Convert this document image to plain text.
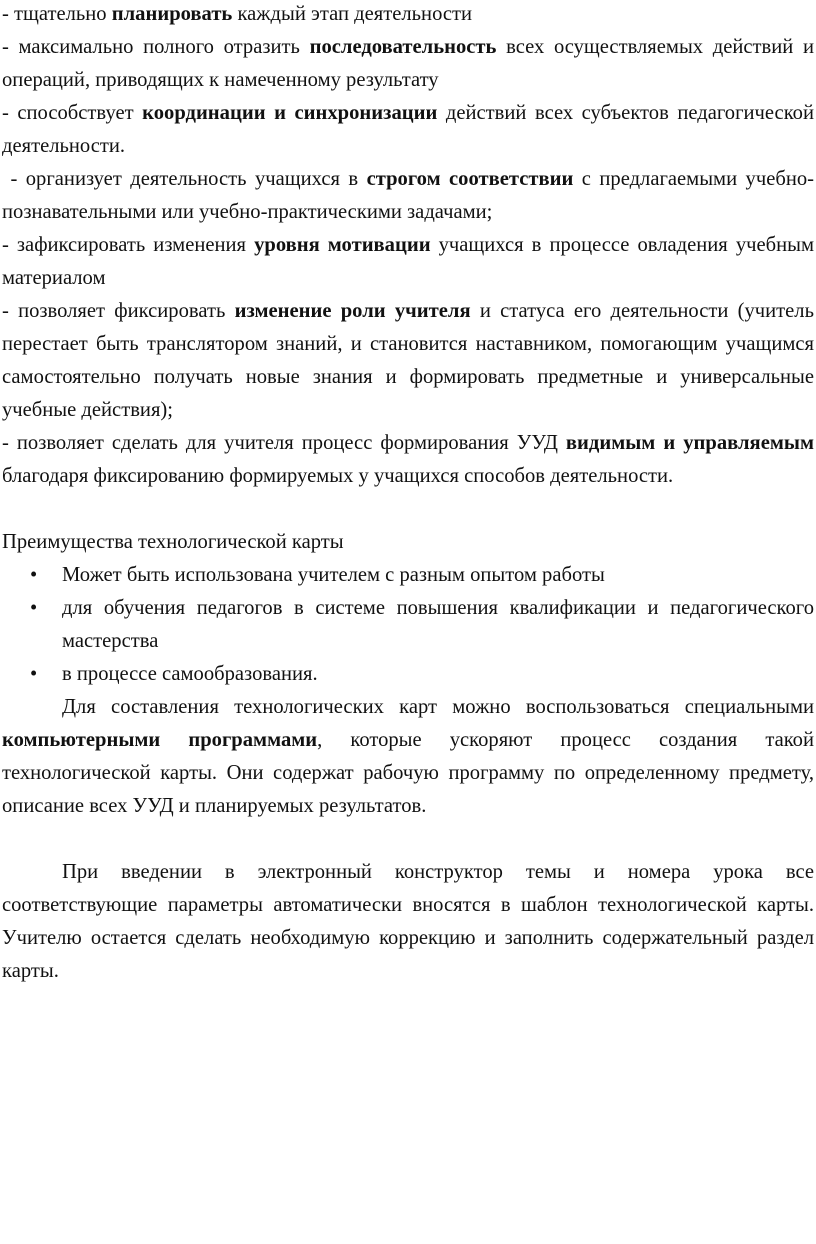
- тщательно планировать каждый этап деятельности

- максимально полного отразить последовательность всех осуществляемых действий и операций, приводящих к намеченному результату

- способствует координации и синхронизации действий всех субъектов педагогической деятельности.

- организует деятельность учащихся в строгом соответствии с предлагаемыми учебно-познавательными или учебно-практическими задачами;

- зафиксировать изменения уровня мотивации учащихся в процессе овладения учебным материалом

- позволяет фиксировать изменение роли учителя и статуса его деятельности (учитель перестает быть транслятором знаний, и становится наставником, помогающим учащимся самостоятельно получать новые знания и формировать предметные и универсальные учебные действия);

- позволяет сделать для учителя процесс формирования УУД видимым и управляемым благодаря фиксированию формируемых у учащихся способов деятельности.

Преимущества технологической карты

• Может быть использована учителем с разным опытом работы
• для обучения педагогов в системе повышения квалификации и педагогического мастерства
• в процессе самообразования.

Для составления технологических карт можно воспользоваться специальными компьютерными программами, которые ускоряют процесс создания такой технологической карты. Они содержат рабочую программу по определенному предмету, описание всех УУД и планируемых результатов.

При введении в электронный конструктор темы и номера урока все соответствующие параметры автоматически вносятся в шаблон технологической карты. Учителю остается сделать необходимую коррекцию и заполнить содержательный раздел карты.
